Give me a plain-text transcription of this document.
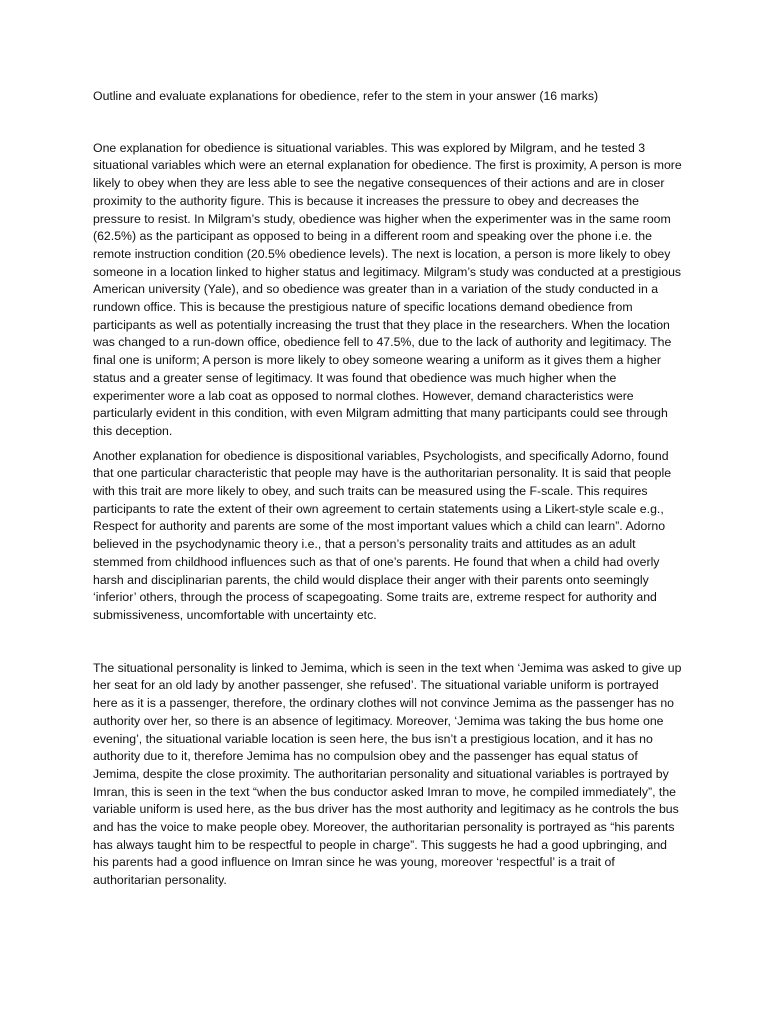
Outline and evaluate explanations for obedience, refer to the stem in your answer (16 marks)

One explanation for obedience is situational variables. This was explored by Milgram, and he tested 3 situational variables which were an eternal explanation for obedience. The first is proximity, A person is more likely to obey when they are less able to see the negative consequences of their actions and are in closer proximity to the authority figure. This is because it increases the pressure to obey and decreases the pressure to resist. In Milgram’s study, obedience was higher when the experimenter was in the same room (62.5%) as the participant as opposed to being in a different room and speaking over the phone i.e. the remote instruction condition (20.5% obedience levels). The next is location, a person is more likely to obey someone in a location linked to higher status and legitimacy. Milgram’s study was conducted at a prestigious American university (Yale), and so obedience was greater than in a variation of the study conducted in a rundown office. This is because the prestigious nature of specific locations demand obedience from participants as well as potentially increasing the trust that they place in the researchers. When the location was changed to a run-down office, obedience fell to 47.5%, due to the lack of authority and legitimacy. The final one is uniform; A person is more likely to obey someone wearing a uniform as it gives them a higher status and a greater sense of legitimacy. It was found that obedience was much higher when the experimenter wore a lab coat as opposed to normal clothes. However, demand characteristics were particularly evident in this condition, with even Milgram admitting that many participants could see through this deception.

Another explanation for obedience is dispositional variables, Psychologists, and specifically Adorno, found that one particular characteristic that people may have is the authoritarian personality. It is said that people with this trait are more likely to obey, and such traits can be measured using the F-scale. This requires participants to rate the extent of their own agreement to certain statements using a Likert-style scale e.g., Respect for authority and parents are some of the most important values which a child can learn”. Adorno believed in the psychodynamic theory i.e., that a person’s personality traits and attitudes as an adult stemmed from childhood influences such as that of one’s parents. He found that when a child had overly harsh and disciplinarian parents, the child would displace their anger with their parents onto seemingly ‘inferior’ others, through the process of scapegoating. Some traits are, extreme respect for authority and submissiveness, uncomfortable with uncertainty etc.

The situational personality is linked to Jemima, which is seen in the text when ‘Jemima was asked to give up her seat for an old lady by another passenger, she refused’. The situational variable uniform is portrayed here as it is a passenger, therefore, the ordinary clothes will not convince Jemima as the passenger has no authority over her, so there is an absence of legitimacy. Moreover, ‘Jemima was taking the bus home one evening’, the situational variable location is seen here, the bus isn’t a prestigious location, and it has no authority due to it, therefore Jemima has no compulsion obey and the passenger has equal status of Jemima, despite the close proximity. The authoritarian personality and situational variables is portrayed by Imran, this is seen in the text “when the bus conductor asked Imran to move, he compiled immediately”, the variable uniform is used here, as the bus driver has the most authority and legitimacy as he controls the bus and has the voice to make people obey. Moreover, the authoritarian personality is portrayed as “his parents has always taught him to be respectful to people in charge”. This suggests he had a good upbringing, and his parents had a good influence on Imran since he was young, moreover ‘respectful’ is a trait of authoritarian personality.
